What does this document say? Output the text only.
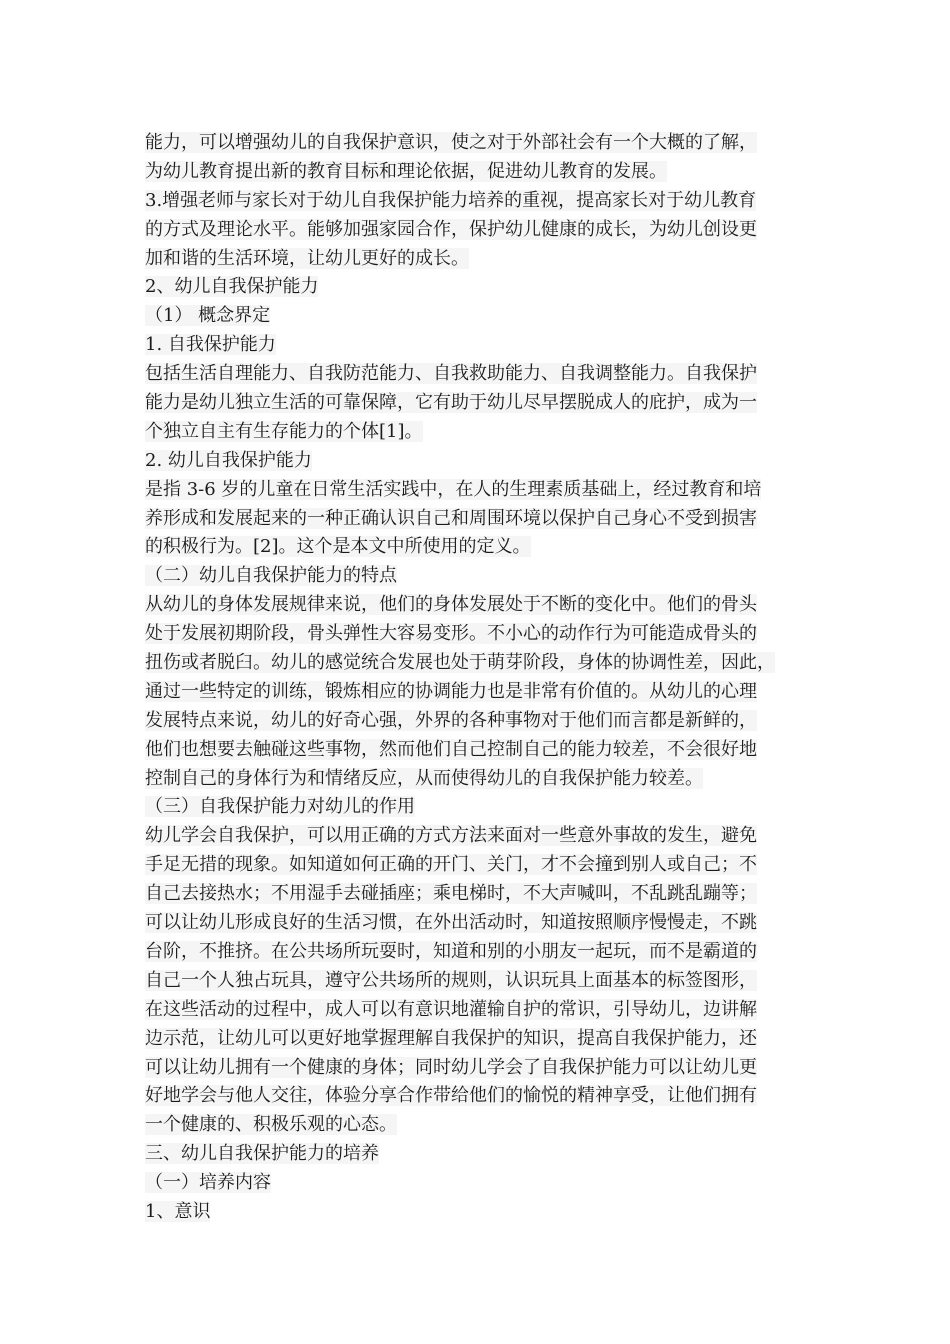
能力，可以增强幼儿的自我保护意识，使之对于外部社会有一个大概的了解，
为幼儿教育提出新的教育目标和理论依据，促进幼儿教育的发展。
3.增强老师与家长对于幼儿自我保护能力培养的重视，提高家长对于幼儿教育
的方式及理论水平。能够加强家园合作，保护幼儿健康的成长，为幼儿创设更
加和谐的生活环境，让幼儿更好的成长。
2、幼儿自我保护能力
（1） 概念界定
1. 自我保护能力
包括生活自理能力、自我防范能力、自我救助能力、自我调整能力。自我保护
能力是幼儿独立生活的可靠保障，它有助于幼儿尽早摆脱成人的庇护，成为一
个独立自主有生存能力的个体[1]。
2. 幼儿自我保护能力
是指 3-6 岁的儿童在日常生活实践中，在人的生理素质基础上，经过教育和培
养形成和发展起来的一种正确认识自己和周围环境以保护自己身心不受到损害
的积极行为。[2]。这个是本文中所使用的定义。
（二）幼儿自我保护能力的特点
从幼儿的身体发展规律来说，他们的身体发展处于不断的变化中。他们的骨头
处于发展初期阶段，骨头弹性大容易变形。不小心的动作行为可能造成骨头的
扭伤或者脱臼。幼儿的感觉统合发展也处于萌芽阶段，身体的协调性差，因此，
通过一些特定的训练，锻炼相应的协调能力也是非常有价值的。从幼儿的心理
发展特点来说，幼儿的好奇心强，外界的各种事物对于他们而言都是新鲜的，
他们也想要去触碰这些事物，然而他们自己控制自己的能力较差，不会很好地
控制自己的身体行为和情绪反应，从而使得幼儿的自我保护能力较差。
（三）自我保护能力对幼儿的作用
幼儿学会自我保护，可以用正确的方式方法来面对一些意外事故的发生，避免
手足无措的现象。如知道如何正确的开门、关门，才不会撞到别人或自己；不
自己去接热水；不用湿手去碰插座；乘电梯时，不大声喊叫，不乱跳乱蹦等；
可以让幼儿形成良好的生活习惯，在外出活动时，知道按照顺序慢慢走，不跳
台阶，不推挤。在公共场所玩耍时，知道和别的小朋友一起玩，而不是霸道的
自己一个人独占玩具，遵守公共场所的规则，认识玩具上面基本的标签图形，
在这些活动的过程中，成人可以有意识地灌输自护的常识，引导幼儿，边讲解
边示范，让幼儿可以更好地掌握理解自我保护的知识，提高自我保护能力，还
可以让幼儿拥有一个健康的身体；同时幼儿学会了自我保护能力可以让幼儿更
好地学会与他人交往，体验分享合作带给他们的愉悦的精神享受，让他们拥有
一个健康的、积极乐观的心态。
三、幼儿自我保护能力的培养
（一）培养内容
1、意识
